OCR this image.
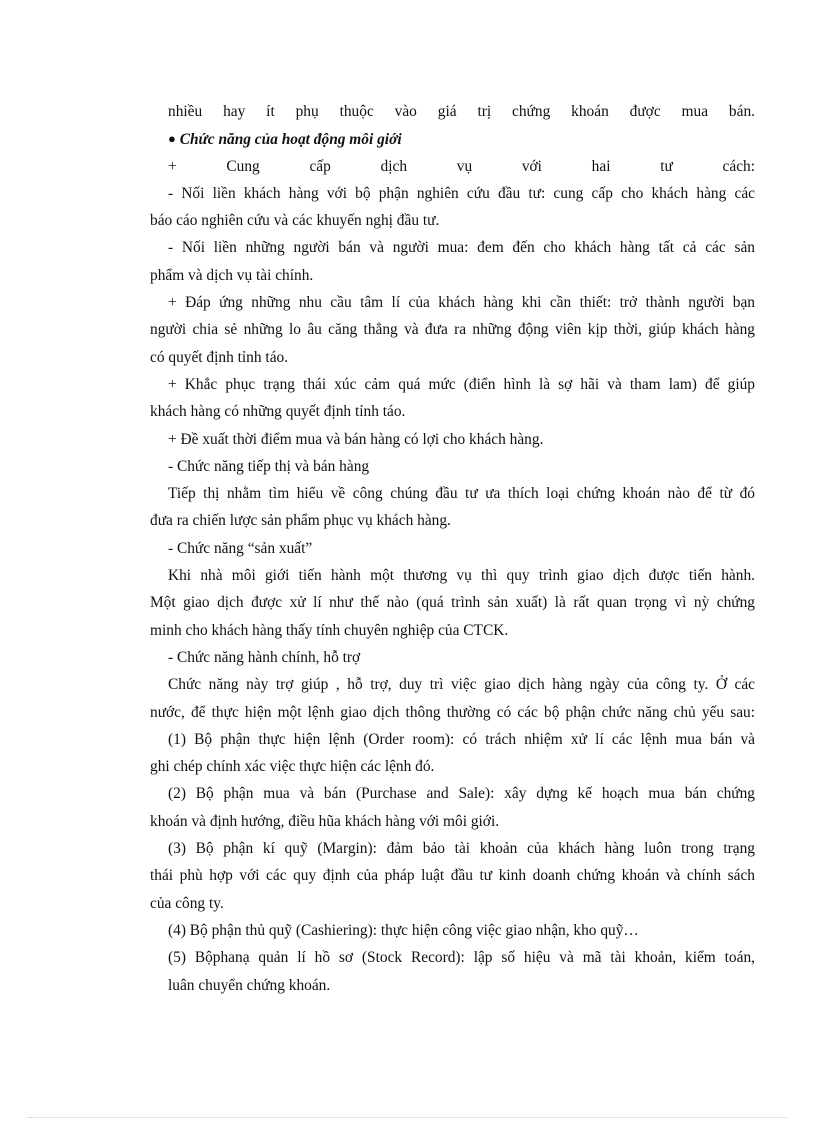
nhiều hay ít phụ thuộc vào giá trị chứng khoán được mua bán.
● Chức năng của hoạt động môi giới
+ Cung cấp dịch vụ với hai tư cách:
- Nối liền khách hàng với bộ phận nghiên cứu đầu tư: cung cấp cho khách hàng các
báo cáo nghiên cứu và các khuyến nghị đầu tư.
- Nối liền những người bán và người mua: đem đến cho khách hàng tất cả các sản
phẩm và dịch vụ tài chính.
+ Đáp ứng những nhu cầu tâm lí của khách hàng khi cần thiết: trở thành người bạn
người chia sẻ những lo âu căng thẳng và đưa ra những động viên kịp thời, giúp khách hàng
có quyết định tỉnh táo.
+ Khắc phục trạng thái xúc cảm quá mức (điển hình là sợ hãi và tham lam) để giúp
khách hàng có những quyết định tỉnh táo.
+ Đề xuất thời điểm mua và bán hàng có lợi cho khách hàng.
- Chức năng tiếp thị và bán hàng
Tiếp thị nhằm tìm hiểu về công chúng đầu tư ưa thích loại chứng khoán nào để từ đó
đưa ra chiến lược sản phẩm phục vụ khách hàng.
- Chức năng “sản xuất”
Khi nhà môi giới tiến hành một thương vụ thì quy trình giao dịch được tiến hành.
Một giao dịch được xử lí như thế nào (quá trình sản xuất) là rất quan trọng vì nỳ chứng
minh cho khách hàng thấy tính chuyên nghiệp của CTCK.
- Chức năng hành chính, hỗ trợ
Chức năng này trợ giúp , hỗ trợ, duy trì việc giao dịch hàng ngày của công ty. Ở các
nước, để thực hiện một lệnh giao dịch thông thường có các bộ phận chức năng chủ yếu sau:
(1) Bộ phận thực hiện lệnh (Order room): có trách nhiệm xử lí các lệnh mua bán và
ghi chép chính xác việc thực hiện các lệnh đó.
(2) Bộ phận mua và bán (Purchase and Sale): xây dựng kế hoạch mua bán chứng
khoán và định hướng, điều hũa khách hàng với môi giới.
(3) Bộ phận kí quỹ (Margin): đảm bảo tài khoản của khách hàng luôn trong trạng
thái phù hợp với các quy định của pháp luật đầu tư kinh doanh chứng khoán và chính sách
của công ty.
(4) Bộ phận thủ quỹ (Cashiering): thực hiện công việc giao nhận, kho quỹ…
(5) Bộphanạ quản lí hồ sơ (Stock Record): lập số hiệu và mã tài khoản, kiểm toán,
luân chuyển chứng khoán.
